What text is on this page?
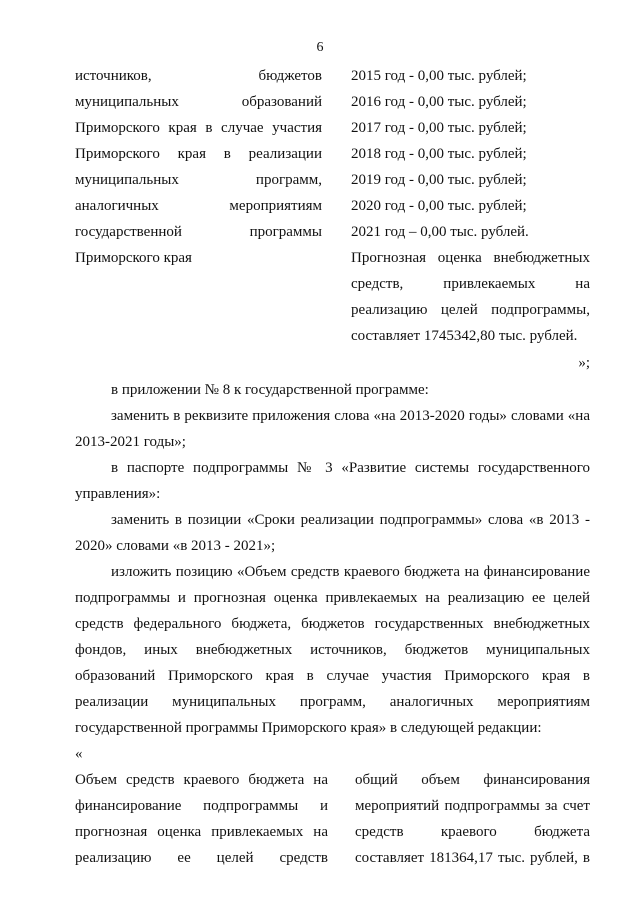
6
источников, бюджетов
муниципальных образований
Приморского края в случае участия
Приморского края в реализации
муниципальных программ,
аналогичных мероприятиям
государственной программы
Приморского края
2015 год - 0,00 тыс. рублей;
2016 год - 0,00 тыс. рублей;
2017 год - 0,00 тыс. рублей;
2018 год - 0,00 тыс. рублей;
2019 год - 0,00 тыс. рублей;
2020 год - 0,00 тыс. рублей;
2021 год – 0,00 тыс. рублей.
Прогнозная оценка внебюджетных
средств, привлекаемых на
реализацию целей подпрограммы,
составляет 1745342,80 тыс. рублей.
»;
в приложении № 8 к государственной программе:
заменить в реквизите приложения слова «на 2013-2020 годы» словами «на
2013-2021 годы»;
в паспорте подпрограммы № 3 «Развитие системы государственного
управления»:
заменить в позиции «Сроки реализации подпрограммы» слова «в 2013 -
2020» словами «в 2013 - 2021»;
изложить позицию «Объем средств краевого бюджета на финансирование
подпрограммы и прогнозная оценка привлекаемых на реализацию ее целей
средств федерального бюджета, бюджетов государственных внебюджетных
фондов, иных внебюджетных источников, бюджетов муниципальных
образований Приморского края в случае участия Приморского края в
реализации муниципальных программ, аналогичных мероприятиям
государственной программы Приморского края» в следующей редакции:
«
Объем средств краевого бюджета на
финансирование подпрограммы и
прогнозная оценка привлекаемых на
реализацию ее целей средств
общий объем финансирования
мероприятий подпрограммы за счет
средств краевого бюджета
составляет 181364,17 тыс. рублей, в
